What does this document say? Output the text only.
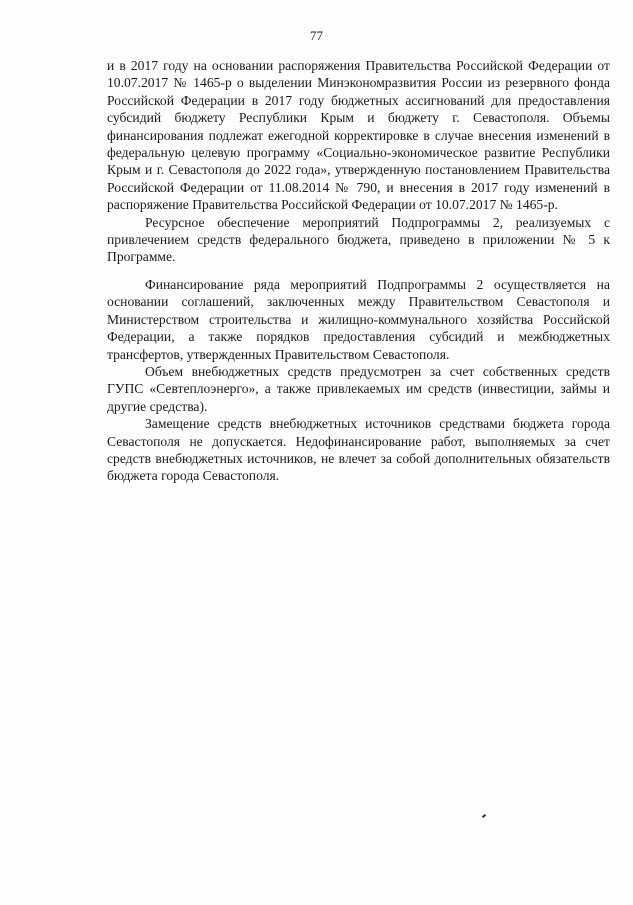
77

и в 2017 году на основании распоряжения Правительства Российской Федерации от 10.07.2017 № 1465-р о выделении Минэкономразвития России из резервного фонда Российской Федерации в 2017 году бюджетных ассигнований для предоставления субсидий бюджету Республики Крым и бюджету г. Севастополя. Объемы финансирования подлежат ежегодной корректировке в случае внесения изменений в федеральную целевую программу «Социально-экономическое развитие Республики Крым и г. Севастополя до 2022 года», утвержденную постановлением Правительства Российской Федерации от 11.08.2014 № 790, и внесения в 2017 году изменений в распоряжение Правительства Российской Федерации от 10.07.2017 № 1465-р.

Ресурсное обеспечение мероприятий Подпрограммы 2, реализуемых с привлечением средств федерального бюджета, приведено в приложении № 5 к Программе.

Финансирование ряда мероприятий Подпрограммы 2 осуществляется на основании соглашений, заключенных между Правительством Севастополя и Министерством строительства и жилищно-коммунального хозяйства Российской Федерации, а также порядков предоставления субсидий и межбюджетных трансфертов, утвержденных Правительством Севастополя.

Объем внебюджетных средств предусмотрен за счет собственных средств ГУПС «Севтеплоэнерго», а также привлекаемых им средств (инвестиции, займы и другие средства).

Замещение средств внебюджетных источников средствами бюджета города Севастополя не допускается. Недофинансирование работ, выполняемых за счет средств внебюджетных источников, не влечет за собой дополнительных обязательств бюджета города Севастополя.
